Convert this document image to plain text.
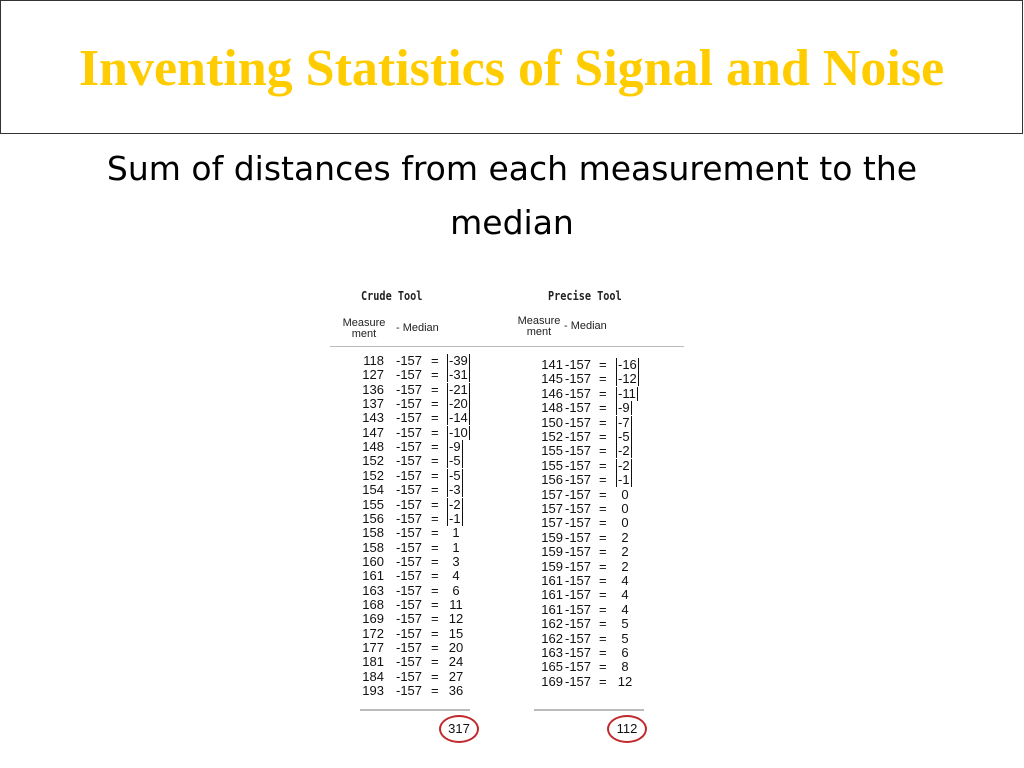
Inventing Statistics of Signal and Noise
Sum of distances from each measurement to the median
Crude Tool
Measure ment	- Median
Precise Tool
Measure ment	- Median
118 -157 = -39
127 -157 = -31
136 -157 = -21
137 -157 = -20
143 -157 = -14
147 -157 = -10
148 -157 = -9
152 -157 = -5
152 -157 = -5
154 -157 = -3
155 -157 = -2
156 -157 = -1
158 -157 =	1
158 -157 =	1
160 -157 =	3
161 -157 =	4
163 -157 =	6
168 -157 = 11
169 -157 = 12
172 -157 = 15
177 -157 = 20
181 -157 = 24
184 -157 = 27
193 -157 = 36
141 -157 = -16
145 -157 = -12
146 -157 = -11
148 -157 = -9
150 -157 = -7
152 -157 = -5
155 -157 = -2
155 -157 = -2
156 -157 = -1
157 -157 =	0
157 -157 =	0
157 -157 =	0
159 -157 =	2
159 -157 =	2
159 -157 =	2
161 -157 =	4
161 -157 =	4
161 -157 =	4
162 -157 =	5
162 -157 =	5
163 -157 =	6
165 -157 =	8
169 -157 = 12
317	112
